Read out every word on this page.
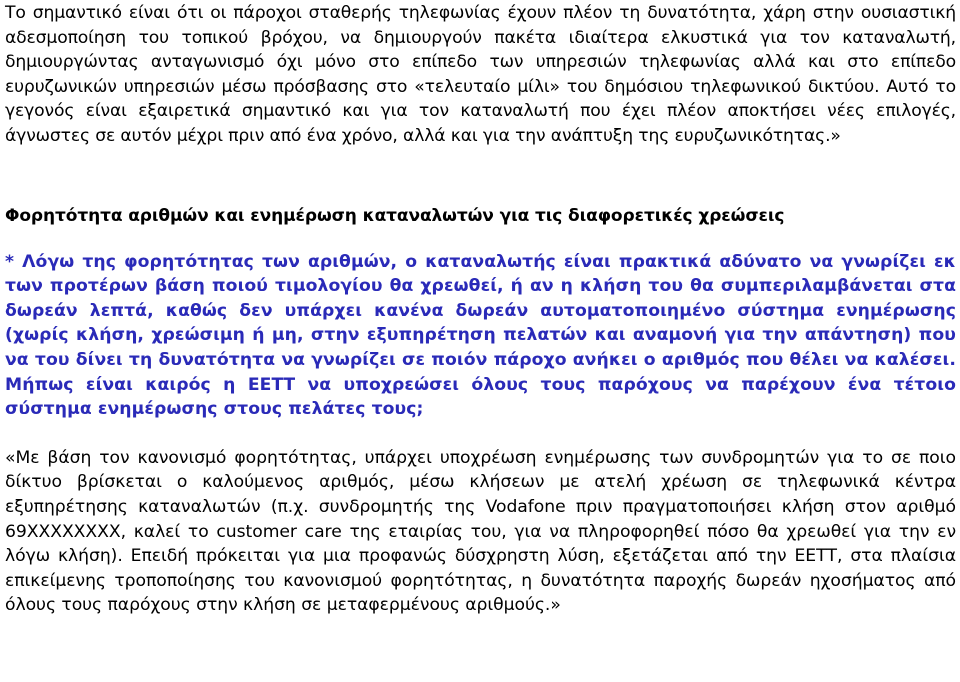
Το σημαντικό είναι ότι οι πάροχοι σταθερής τηλεφωνίας έχουν πλέον τη δυνατότητα, χάρη στην ουσιαστική αδεσμοποίηση του τοπικού βρόχου, να δημιουργούν πακέτα ιδιαίτερα ελκυστικά για τον καταναλωτή, δημιουργώντας ανταγωνισμό όχι μόνο στο επίπεδο των υπηρεσιών τηλεφωνίας αλλά και στο επίπεδο ευρυζωνικών υπηρεσιών μέσω πρόσβασης στο «τελευταίο μίλι» του δημόσιου τηλεφωνικού δικτύου. Αυτό το γεγονός είναι εξαιρετικά σημαντικό και για τον καταναλωτή που έχει πλέον αποκτήσει νέες επιλογές, άγνωστες σε αυτόν μέχρι πριν από ένα χρόνο, αλλά και για την ανάπτυξη της ευρυζωνικότητας.»

Φορητότητα αριθμών και ενημέρωση καταναλωτών για τις διαφορετικές χρεώσεις

* Λόγω της φορητότητας των αριθμών, ο καταναλωτής είναι πρακτικά αδύνατο να γνωρίζει εκ των προτέρων βάση ποιού τιμολογίου θα χρεωθεί, ή αν η κλήση του θα συμπεριλαμβάνεται στα δωρεάν λεπτά, καθώς δεν υπάρχει κανένα δωρεάν αυτοματοποιημένο σύστημα ενημέρωσης (χωρίς κλήση, χρεώσιμη ή μη, στην εξυπηρέτηση πελατών και αναμονή για την απάντηση) που να του δίνει τη δυνατότητα να γνωρίζει σε ποιόν πάροχο ανήκει ο αριθμός που θέλει να καλέσει. Μήπως είναι καιρός η ΕΕΤΤ να υποχρεώσει όλους τους παρόχους να παρέχουν ένα τέτοιο σύστημα ενημέρωσης στους πελάτες τους;

«Με βάση τον κανονισμό φορητότητας, υπάρχει υποχρέωση ενημέρωσης των συνδρομητών για το σε ποιο δίκτυο βρίσκεται ο καλούμενος αριθμός, μέσω κλήσεων με ατελή χρέωση σε τηλεφωνικά κέντρα εξυπηρέτησης καταναλωτών (π.χ. συνδρομητής της Vodafone πριν πραγματοποιήσει κλήση στον αριθμό 69XXXXXXXX, καλεί το customer care της εταιρίας του, για να πληροφορηθεί πόσο θα χρεωθεί για την εν λόγω κλήση). Επειδή πρόκειται για μια προφανώς δύσχρηστη λύση, εξετάζεται από την ΕΕΤΤ, στα πλαίσια επικείμενης τροποποίησης του κανονισμού φορητότητας, η δυνατότητα παροχής δωρεάν ηχοσήματος από όλους τους παρόχους στην κλήση σε μεταφερμένους αριθμούς.»
